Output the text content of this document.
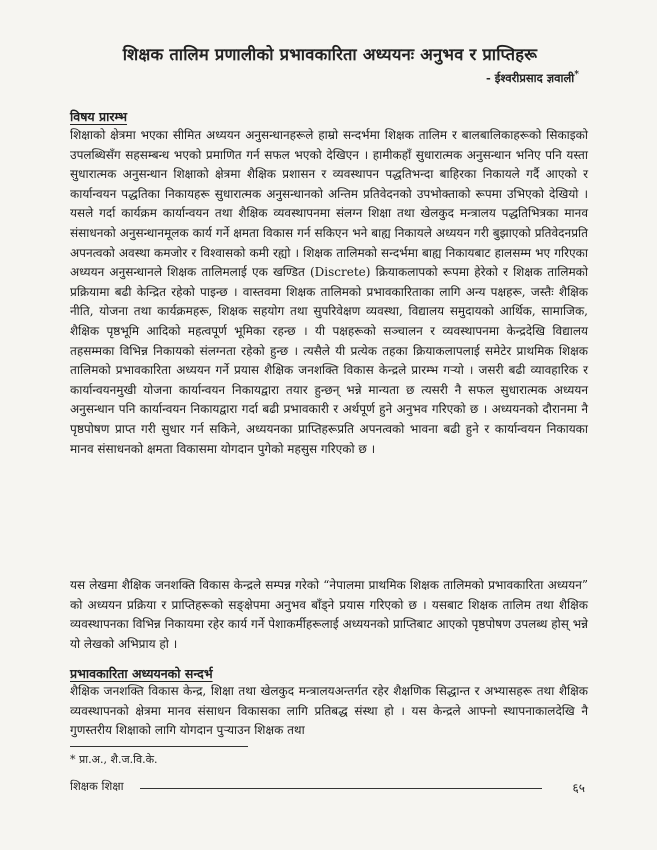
शिक्षक तालिम प्रणालीको प्रभावकारिता अध्ययनः अनुभव र प्राप्तिहरू
- ईश्वरीप्रसाद ज्ञवाली*
विषय प्रारम्भ
शिक्षाको क्षेत्रमा भएका सीमित अध्ययन अनुसन्धानहरूले हाम्रो सन्दर्भमा शिक्षक तालिम र बालबालिकाहरूको सिकाइको उपलब्धिसँग सहसम्बन्ध भएको प्रमाणित गर्न सफल भएको देखिएन । हामीकहाँ सुधारात्मक अनुसन्धान भनिए पनि यस्ता सुधारात्मक अनुसन्धान शिक्षाको क्षेत्रमा शैक्षिक प्रशासन र व्यवस्थापन पद्धतिभन्दा बाहिरका निकायले गर्दै आएको र कार्यान्वयन पद्धतिका निकायहरू सुधारात्मक अनुसन्धानको अन्तिम प्रतिवेदनको उपभोक्ताको रूपमा उभिएको देखियो । यसले गर्दा कार्यक्रम कार्यान्वयन तथा शैक्षिक व्यवस्थापनमा संलग्न शिक्षा तथा खेलकुद मन्त्रालय पद्धतिभित्रका मानव संसाधनको अनुसन्धानमूलक कार्य गर्ने क्षमता विकास गर्न सकिएन भने बाह्य निकायले अध्ययन गरी बुझाएको प्रतिवेदनप्रति अपनत्वको अवस्था कमजोर र विश्वासको कमी रह्यो । शिक्षक तालिमको सन्दर्भमा बाह्य निकायबाट हालसम्म भए गरिएका अध्ययन अनुसन्धानले शिक्षक तालिमलाई एक खण्डित (Discrete) क्रियाकलापको रूपमा हेरेको र शिक्षक तालिमको प्रक्रियामा बढी केन्द्रित रहेको पाइन्छ । वास्तवमा शिक्षक तालिमको प्रभावकारिताका लागि अन्य पक्षहरू, जस्तैः शैक्षिक नीति, योजना तथा कार्यक्रमहरू, शिक्षक सहयोग तथा सुपरिवेक्षण व्यवस्था, विद्यालय समुदायको आर्थिक, सामाजिक, शैक्षिक पृष्ठभूमि आदिको महत्वपूर्ण भूमिका रहन्छ । यी पक्षहरूको सञ्चालन र व्यवस्थापनमा केन्द्रदेखि विद्यालय तहसम्मका विभिन्न निकायको संलग्नता रहेको हुन्छ । त्यसैले यी प्रत्येक तहका क्रियाकलापलाई समेटेर प्राथमिक शिक्षक तालिमको प्रभावकारिता अध्ययन गर्ने प्रयास शैक्षिक जनशक्ति विकास केन्द्रले प्रारम्भ गर्‍यो । जसरी बढी व्यावहारिक र कार्यान्वयनमुखी योजना कार्यान्वयन निकायद्वारा तयार हुन्छन् भन्ने मान्यता छ त्यसरी नै सफल सुधारात्मक अध्ययन अनुसन्धान पनि कार्यान्वयन निकायद्वारा गर्दा बढी प्रभावकारी र अर्थपूर्ण हुने अनुभव गरिएको छ । अध्ययनको दौरानमा नै पृष्ठपोषण प्राप्त गरी सुधार गर्न सकिने, अध्ययनका प्राप्तिहरूप्रति अपनत्वको भावना बढी हुने र कार्यान्वयन निकायका मानव संसाधनको क्षमता विकासमा योगदान पुगेको महसुस गरिएको छ ।
यस लेखमा शैक्षिक जनशक्ति विकास केन्द्रले सम्पन्न गरेको “नेपालमा प्राथमिक शिक्षक तालिमको प्रभावकारिता अध्ययन” को अध्ययन प्रक्रिया र प्राप्तिहरूको सङ्क्षेपमा अनुभव बाँड्ने प्रयास गरिएको छ । यसबाट शिक्षक तालिम तथा शैक्षिक व्यवस्थापनका विभिन्न निकायमा रहेर कार्य गर्ने पेशाकर्मीहरूलाई अध्ययनको प्राप्तिबाट आएको पृष्ठपोषण उपलब्ध होस् भन्ने यो लेखको अभिप्राय हो ।
प्रभावकारिता अध्ययनको सन्दर्भ
शैक्षिक जनशक्ति विकास केन्द्र, शिक्षा तथा खेलकुद मन्त्रालयअन्तर्गत रहेर शैक्षणिक सिद्धान्त र अभ्यासहरू तथा शैक्षिक व्यवस्थापनको क्षेत्रमा मानव संसाधन विकासका लागि प्रतिबद्ध संस्था हो । यस केन्द्रले आफ्नो स्थापनाकालदेखि नै गुणस्तरीय शिक्षाको लागि योगदान पुऱ्याउन शिक्षक तथा
* प्रा.अ., शै.ज.वि.के.
शिक्षक शिक्षा	६५
